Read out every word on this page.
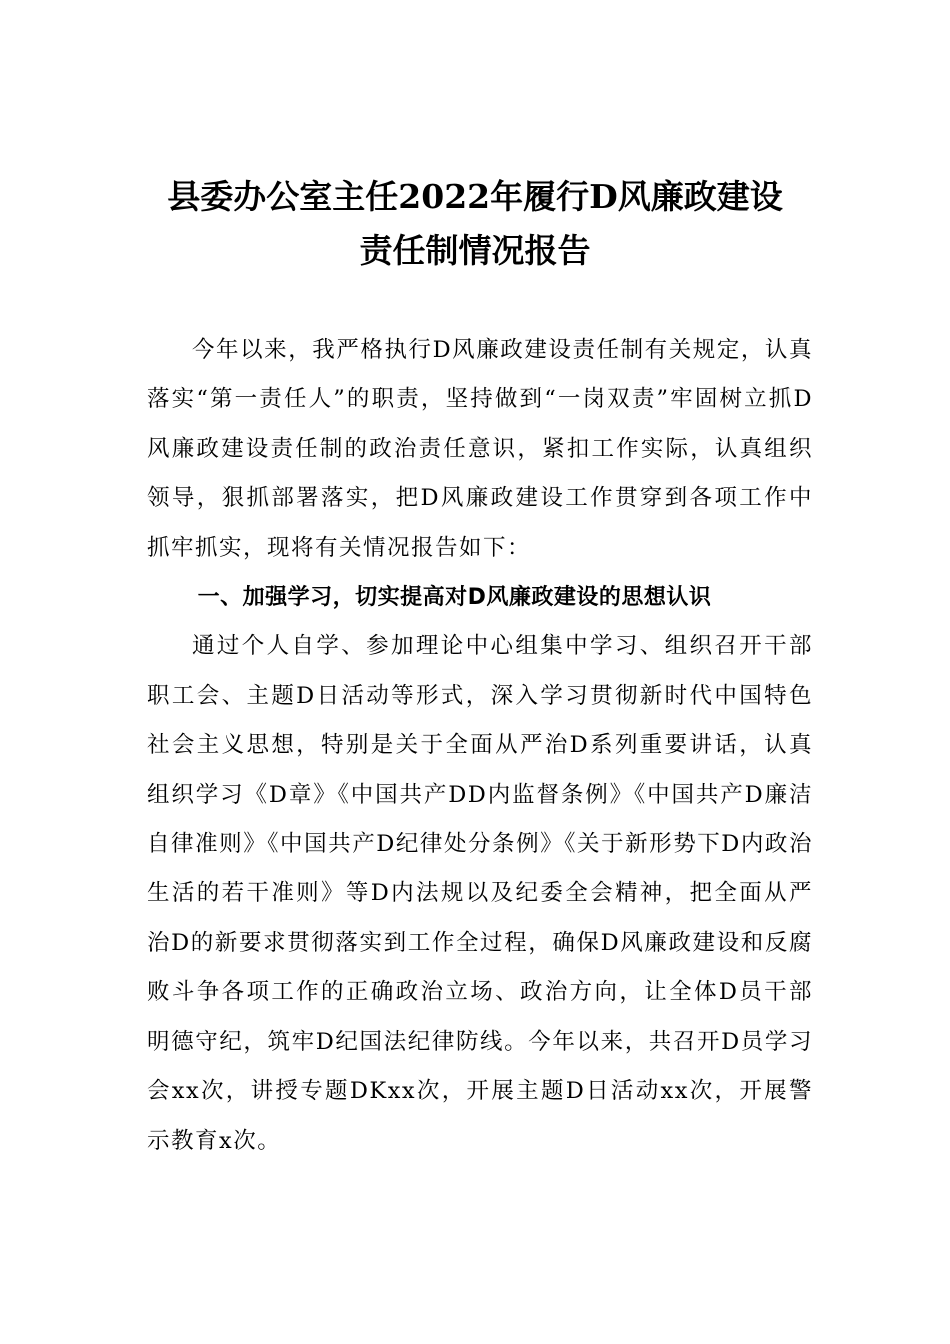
县委办公室主任2022年履行D风廉政建设
责任制情况报告

今年以来，我严格执行D风廉政建设责任制有关规定，认真落实“第一责任人”的职责，坚持做到“一岗双责”牢固树立抓D风廉政建设责任制的政治责任意识，紧扣工作实际，认真组织领导，狠抓部署落实，把D风廉政建设工作贯穿到各项工作中抓牢抓实，现将有关情况报告如下：

一、加强学习，切实提高对D风廉政建设的思想认识

通过个人自学、参加理论中心组集中学习、组织召开干部职工会、主题D日活动等形式，深入学习贯彻新时代中国特色社会主义思想，特别是关于全面从严治D系列重要讲话，认真组织学习《D章》《中国共产DD内监督条例》《中国共产D廉洁自律准则》《中国共产D纪律处分条例》《关于新形势下D内政治生活的若干准则》等D内法规以及纪委全会精神，把全面从严治D的新要求贯彻落实到工作全过程，确保D风廉政建设和反腐败斗争各项工作的正确政治立场、政治方向，让全体D员干部明德守纪，筑牢D纪国法纪律防线。今年以来，共召开D员学习会xx次，讲授专题DKxx次，开展主题D日活动xx次，开展警示教育x次。
